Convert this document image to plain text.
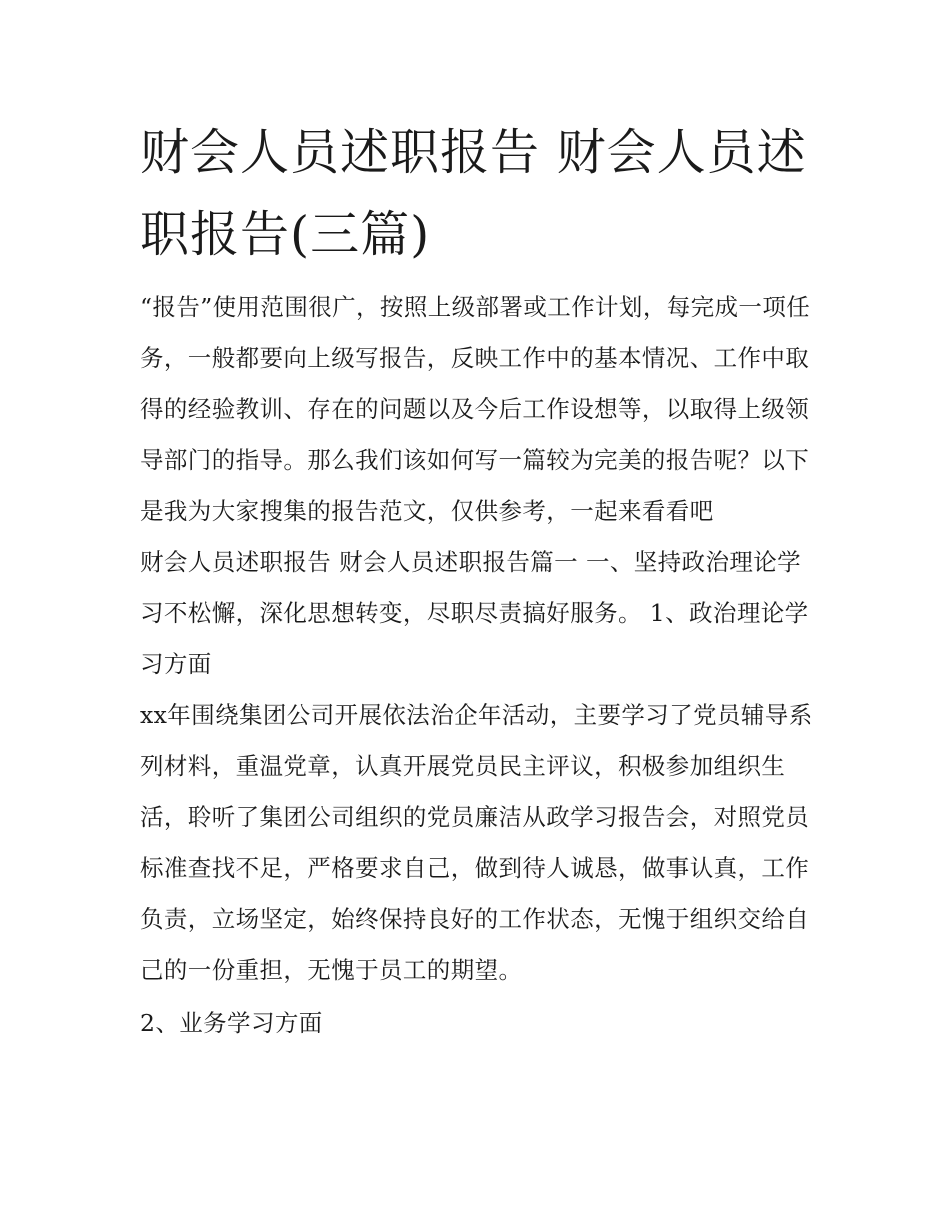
财会人员述职报告 财会人员述职报告(三篇)

“报告”使用范围很广，按照上级部署或工作计划，每完成一项任务，一般都要向上级写报告，反映工作中的基本情况、工作中取得的经验教训、存在的问题以及今后工作设想等，以取得上级领导部门的指导。那么我们该如何写一篇较为完美的报告呢？以下是我为大家搜集的报告范文，仅供参考，一起来看看吧

财会人员述职报告 财会人员述职报告篇一 一、坚持政治理论学习不松懈，深化思想转变，尽职尽责搞好服务。 1、政治理论学习方面

xx年围绕集团公司开展依法治企年活动，主要学习了党员辅导系列材料，重温党章，认真开展党员民主评议，积极参加组织生活，聆听了集团公司组织的党员廉洁从政学习报告会，对照党员标准查找不足，严格要求自己，做到待人诚恳，做事认真，工作负责，立场坚定，始终保持良好的工作状态，无愧于组织交给自己的一份重担，无愧于员工的期望。

2、业务学习方面
